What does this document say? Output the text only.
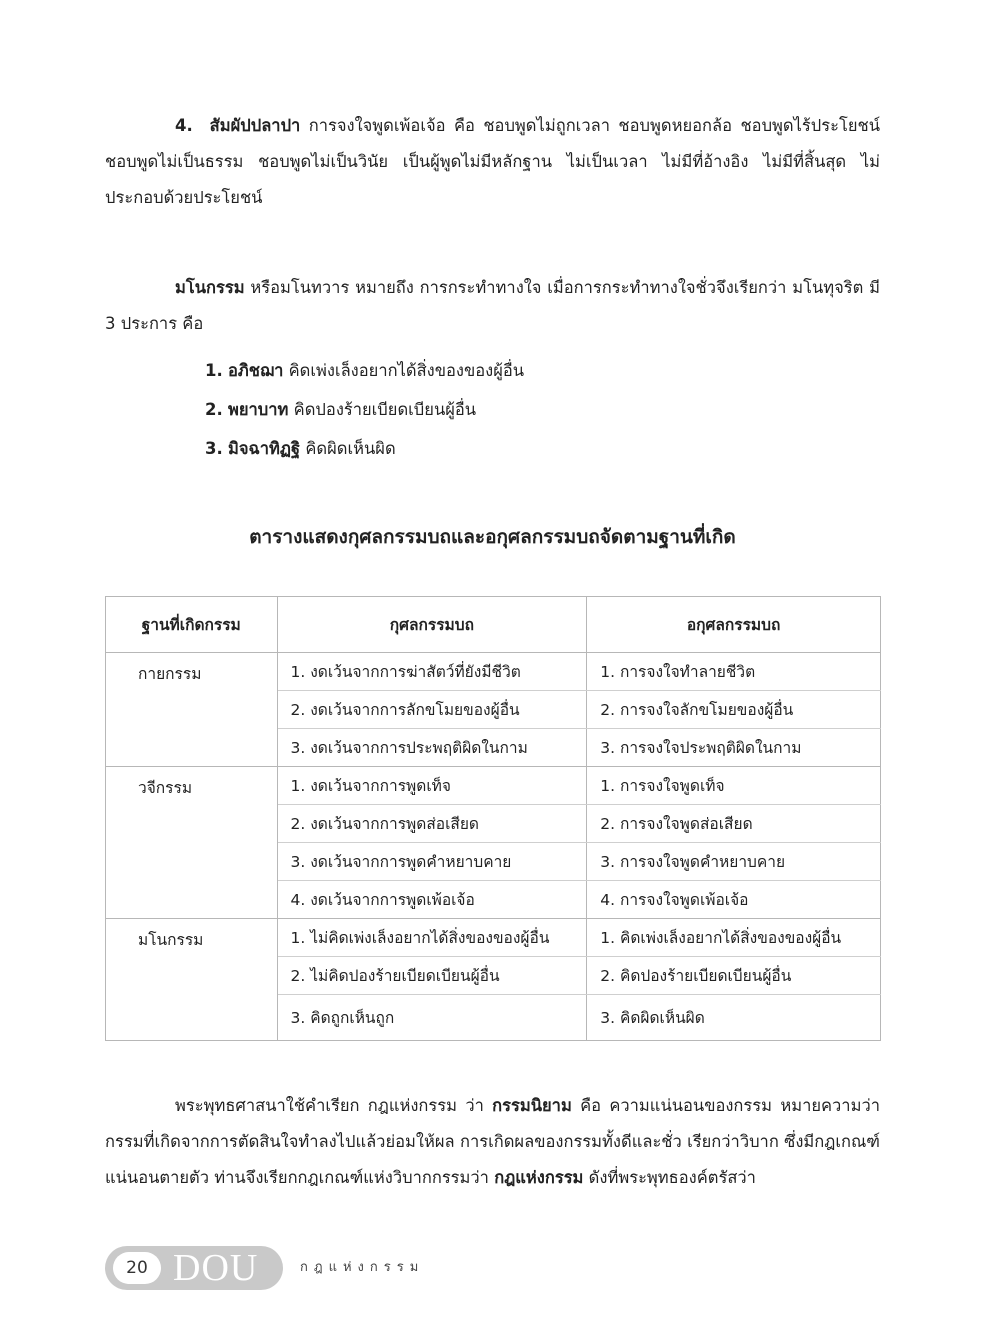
4. สัมผัปปลาปา การจงใจพูดเพ้อเจ้อ คือ ชอบพูดไม่ถูกเวลา ชอบพูดหยอกล้อ ชอบพูดไร้ประโยชน์ ชอบพูดไม่เป็นธรรม ชอบพูดไม่เป็นวินัย เป็นผู้พูดไม่มีหลักฐาน ไม่เป็นเวลา ไม่มีที่อ้างอิง ไม่มีที่สิ้นสุด ไม่ประกอบด้วยประโยชน์

มโนกรรม หรือมโนทวาร หมายถึง การกระทำทางใจ เมื่อการกระทำทางใจชั่วจึงเรียกว่า มโนทุจริต มี 3 ประการ คือ

1. อภิชฌา คิดเพ่งเล็งอยากได้สิ่งของของผู้อื่น
2. พยาบาท คิดปองร้ายเบียดเบียนผู้อื่น
3. มิจฉาทิฏฐิ คิดผิดเห็นผิด
ตารางแสดงกุศลกรรมบถและอกุศลกรรมบถจัดตามฐานที่เกิด
ฐานที่เกิดกรรม	กุศลกรรมบถ	อกุศลกรรมบถ
กายกรรม	1. งดเว้นจากการฆ่าสัตว์ที่ยังมีชีวิต	1. การจงใจทำลายชีวิต
	2. งดเว้นจากการลักขโมยของผู้อื่น	2. การจงใจลักขโมยของผู้อื่น
	3. งดเว้นจากการประพฤติผิดในกาม	3. การจงใจประพฤติผิดในกาม
วจีกรรม	1. งดเว้นจากการพูดเท็จ	1. การจงใจพูดเท็จ
	2. งดเว้นจากการพูดส่อเสียด	2. การจงใจพูดส่อเสียด
	3. งดเว้นจากการพูดคำหยาบคาย	3. การจงใจพูดคำหยาบคาย
	4. งดเว้นจากการพูดเพ้อเจ้อ	4. การจงใจพูดเพ้อเจ้อ
มโนกรรม	1. ไม่คิดเพ่งเล็งอยากได้สิ่งของของผู้อื่น	1. คิดเพ่งเล็งอยากได้สิ่งของของผู้อื่น
	2. ไม่คิดปองร้ายเบียดเบียนผู้อื่น	2. คิดปองร้ายเบียดเบียนผู้อื่น
	3. คิดถูกเห็นถูก	3. คิดผิดเห็นผิด

พระพุทธศาสนาใช้คำเรียก กฎแห่งกรรม ว่า กรรมนิยาม คือ ความแน่นอนของกรรม หมายความว่า กรรมที่เกิดจากการตัดสินใจทำลงไปแล้วย่อมให้ผล การเกิดผลของกรรมทั้งดีและชั่ว เรียกว่าวิบาก ซึ่งมีกฎเกณฑ์แน่นอนตายตัว ท่านจึงเรียกกฎเกณฑ์แห่งวิบากกรรมว่า กฎแห่งกรรม ดังที่พระพุทธองค์ตรัสว่า

20 DOU	กฎแห่งกรรม
